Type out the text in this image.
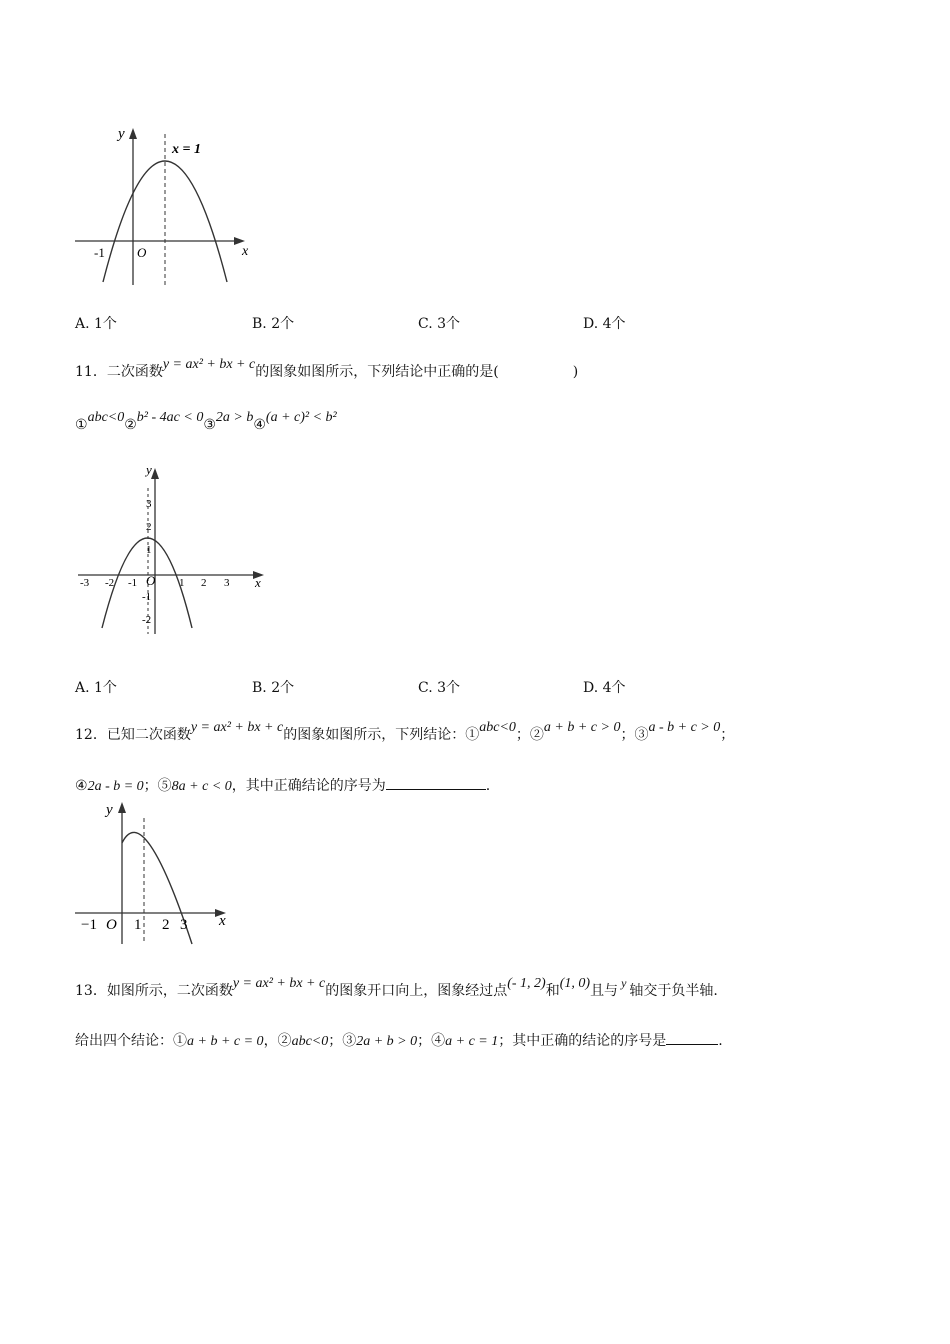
y
x
x = 1
-1 O
A. 1个	B. 2个	C. 3个	D. 4个
11．二次函数y = ax² + bx + c的图象如图所示，下列结论中正确的是(	)
①abc<0②b² - 4ac < 0③2a > b④(a + c)² < b²
-3 -2 -1	1 2 3
3
2
1
-1
-2
O
y
x
A. 1个	B. 2个	C. 3个	D. 4个
12．已知二次函数y = ax² + bx + c的图象如图所示，下列结论：①abc<0；②a + b + c > 0；③a - b + c > 0；
④2a - b = 0；⑤8a + c < 0，其中正确结论的序号为	.
y
x
−1 O 1 2 3
13．如图所示，二次函数y = ax² + bx + c的图象开口向上，图象经过点(- 1, 2)和(1, 0)且与 y 轴交于负半轴.
给出四个结论：①a + b + c = 0，②abc<0；③2a + b > 0；④a + c = 1；其中正确的结论的序号是	.
